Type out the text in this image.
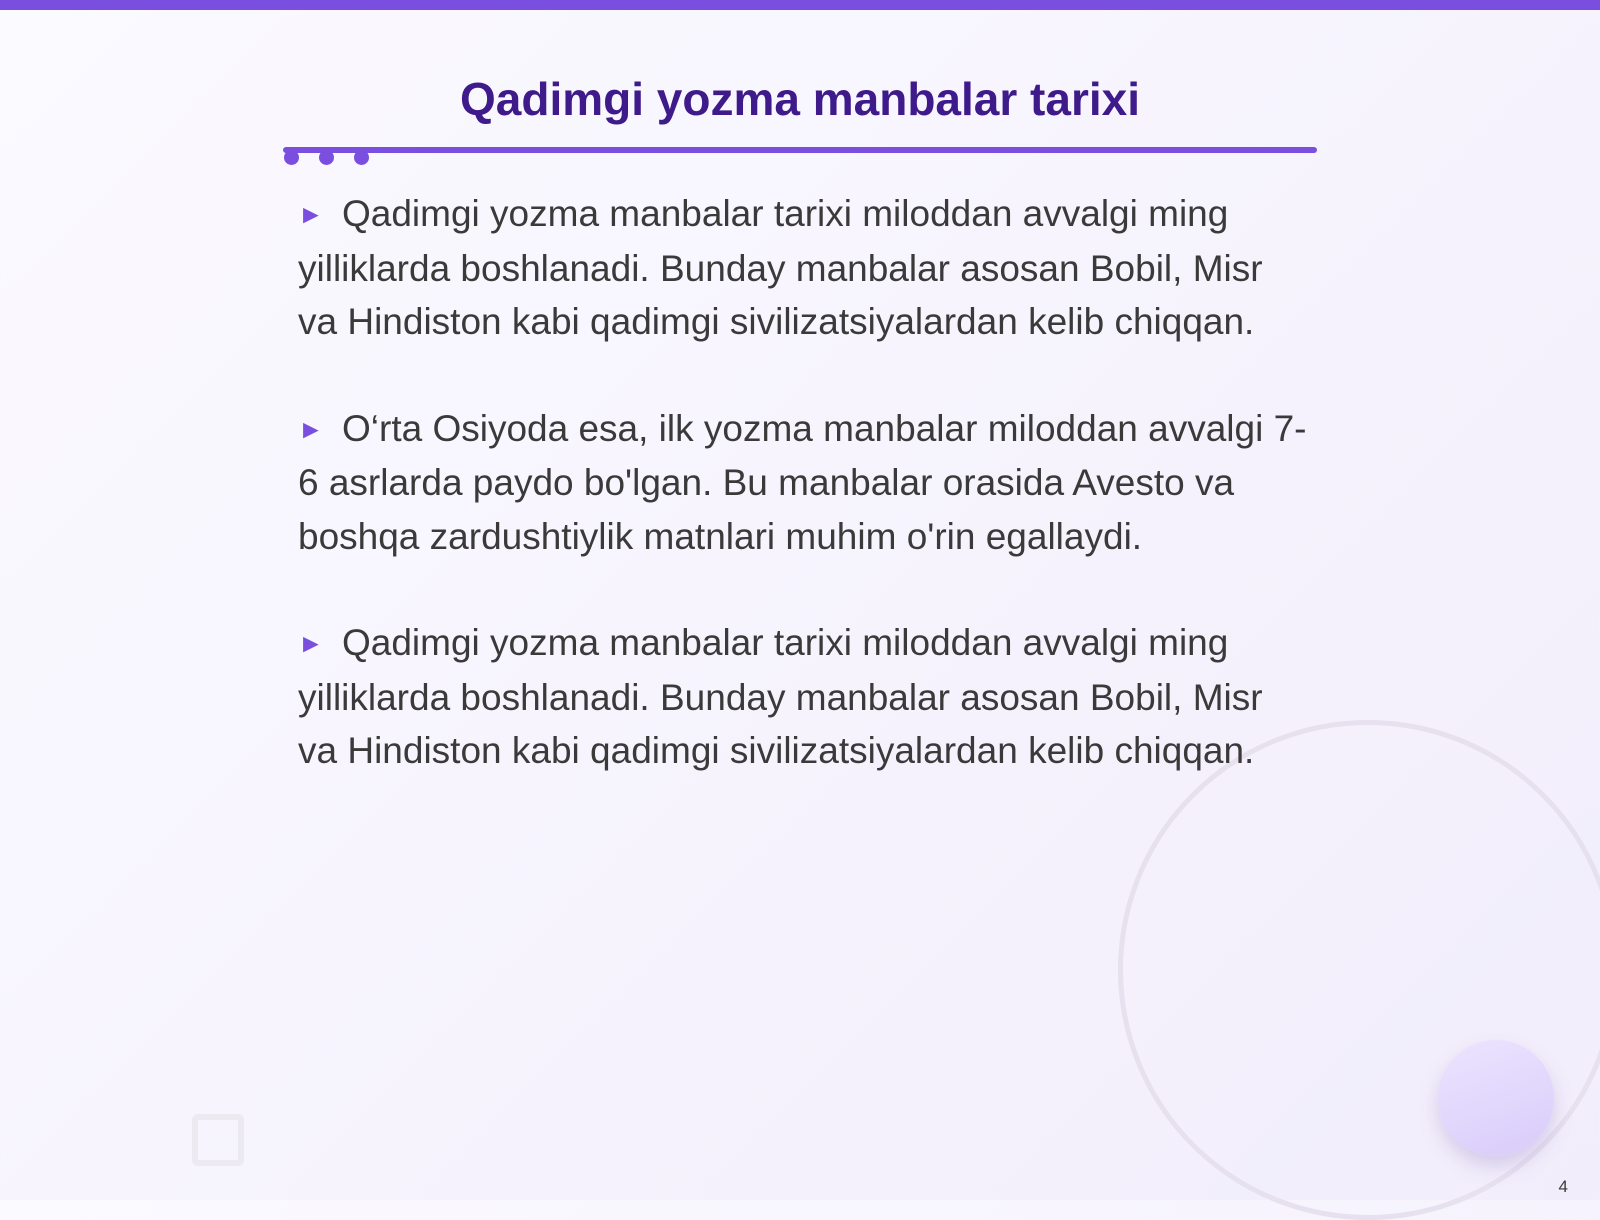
Qadimgi yozma manbalar tarixi

► Qadimgi yozma manbalar tarixi miloddan avvalgi ming yilliklarda boshlanadi. Bunday manbalar asosan Bobil, Misr va Hindiston kabi qadimgi sivilizatsiyalardan kelib chiqqan.

► O‘rta Osiyoda esa, ilk yozma manbalar miloddan avvalgi 7-6 asrlarda paydo bo'lgan. Bu manbalar orasida Avesto va boshqa zardushtiylik matnlari muhim o'rin egallaydi.

► Qadimgi yozma manbalar tarixi miloddan avvalgi ming yilliklarda boshlanadi. Bunday manbalar asosan Bobil, Misr va Hindiston kabi qadimgi sivilizatsiyalardan kelib chiqqan.

4
